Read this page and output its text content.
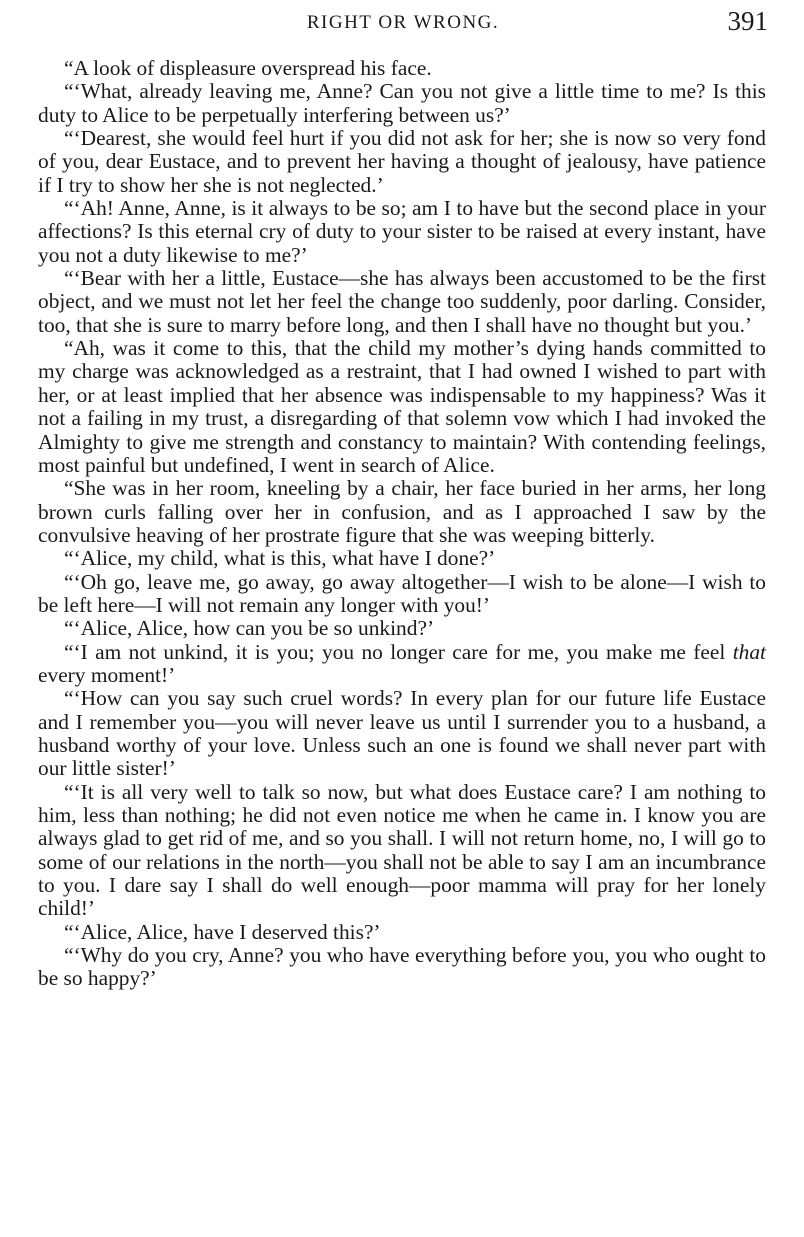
RIGHT OR WRONG.	391

“A look of displeasure overspread his face.

“‘What, already leaving me, Anne? Can you not give a little time to me? Is this duty to Alice to be perpetually interfering between us?’

“‘Dearest, she would feel hurt if you did not ask for her; she is now so very fond of you, dear Eustace, and to prevent her having a thought of jealousy, have patience if I try to show her she is not neglected.’

“‘Ah! Anne, Anne, is it always to be so; am I to have but the second place in your affections? Is this eternal cry of duty to your sister to be raised at every instant, have you not a duty likewise to me?’

“‘Bear with her a little, Eustace—she has always been accustomed to be the first object, and we must not let her feel the change too suddenly, poor darling. Consider, too, that she is sure to marry before long, and then I shall have no thought but you.’

“Ah, was it come to this, that the child my mother’s dying hands committed to my charge was acknowledged as a restraint, that I had owned I wished to part with her, or at least implied that her absence was indispensable to my happiness? Was it not a failing in my trust, a disregarding of that solemn vow which I had invoked the Almighty to give me strength and constancy to maintain? With contending feelings, most painful but undefined, I went in search of Alice.

“She was in her room, kneeling by a chair, her face buried in her arms, her long brown curls falling over her in confusion, and as I approached I saw by the convulsive heaving of her prostrate figure that she was weeping bitterly.

“‘Alice, my child, what is this, what have I done?’

“‘Oh go, leave me, go away, go away altogether—I wish to be alone—I wish to be left here—I will not remain any longer with you!’

“‘Alice, Alice, how can you be so unkind?’

“‘I am not unkind, it is you; you no longer care for me, you make me feel that every moment!’

“‘How can you say such cruel words? In every plan for our future life Eustace and I remember you—you will never leave us until I surrender you to a husband, a husband worthy of your love. Unless such an one is found we shall never part with our little sister!’

“‘It is all very well to talk so now, but what does Eustace care? I am nothing to him, less than nothing; he did not even notice me when he came in. I know you are always glad to get rid of me, and so you shall. I will not return home, no, I will go to some of our relations in the north—you shall not be able to say I am an incumbrance to you. I dare say I shall do well enough—poor mamma will pray for her lonely child!’

“‘Alice, Alice, have I deserved this?’

“‘Why do you cry, Anne? you who have everything before you, you who ought to be so happy?’
